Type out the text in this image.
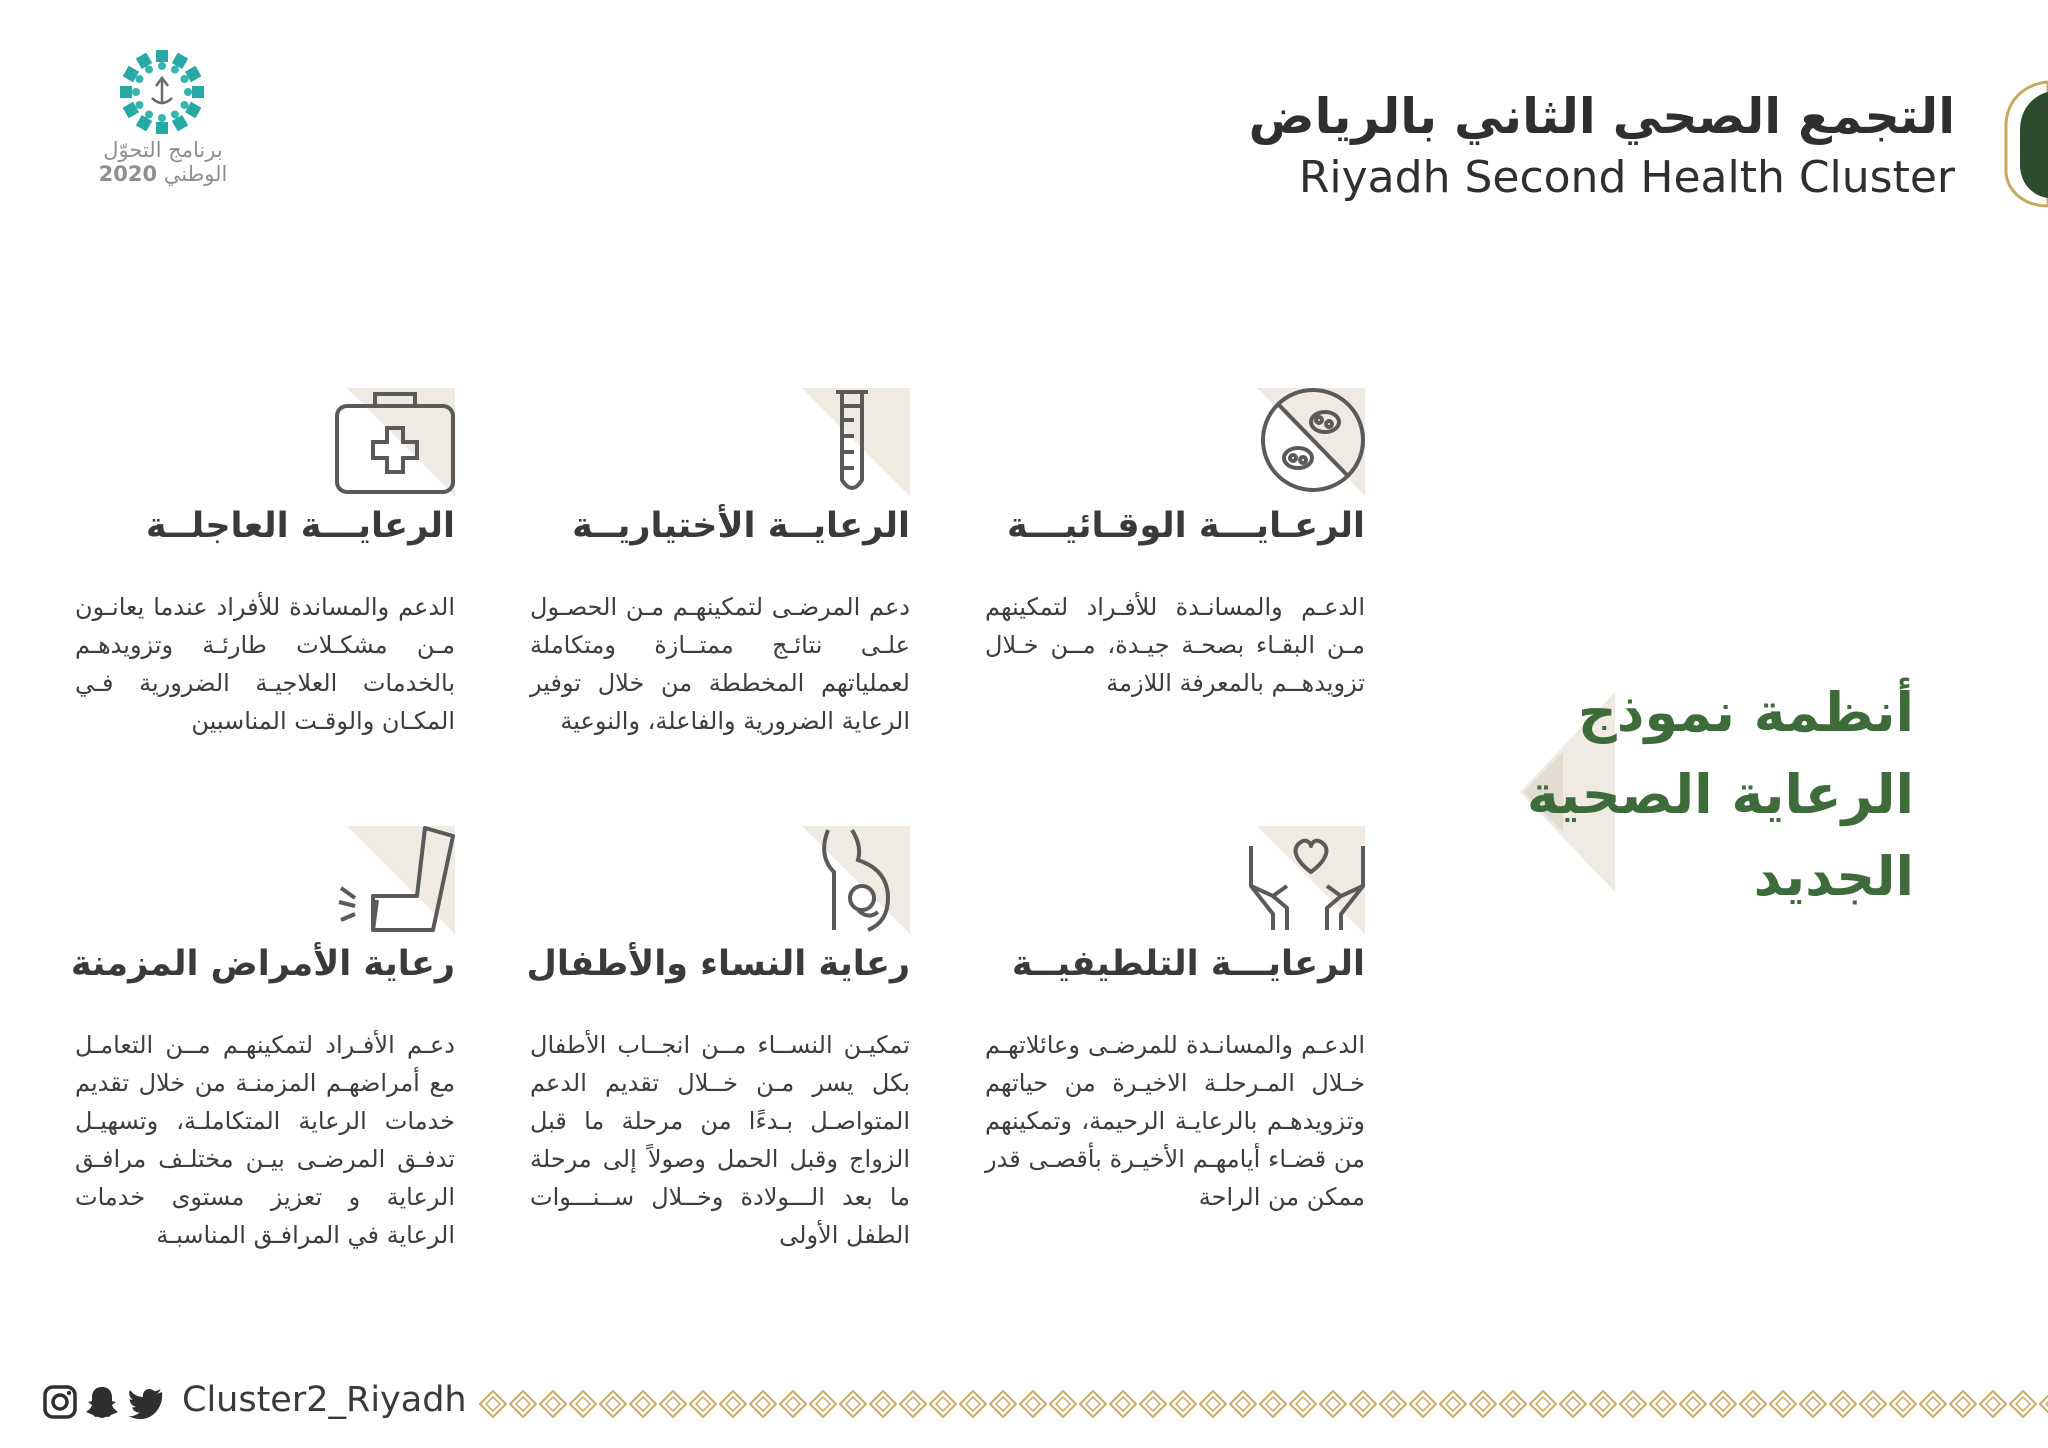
التجمع الصحي الثاني بالرياض
Riyadh Second Health Cluster
برنامج التحوّل
الوطني 2020
أنظمة نموذج
الرعاية الصحية
الجديد
الرعـايـــة الوقـائيـــة
الدعـم والمسانـدة للأفـراد لتمكينهم مـن البقـاء بصحـة جيـدة، مــن خـلال تزويدهــم بالمعرفة اللازمة
الرعايــة الأختياريــة
دعم المرضـى لتمكينهـم مـن الحصـول علـى نتائـج ممتــازة ومتكاملة لعملياتهم المخططة من خلال توفير الرعاية الضرورية والفاعلة، والنوعية
الرعايـــة العاجلــة
الدعم والمساندة للأفراد عندما يعانـون مـن مشكـلات طارئـة وتزويدهـم بالخدمات العلاجيـة الضرورية فـي المكـان والوقـت المناسبين
الرعايـــة التلطيفيــة
الدعـم والمسانـدة للمرضـى وعائلاتهـم خـلال المـرحلـة الاخيـرة من حياتهم وتزويدهـم بالرعايـة الرحيمة، وتمكينهم من قضـاء أيامهـم الأخيـرة بأقصـى قدر ممكن من الراحة
رعاية النساء والأطفال
تمكيـن النســاء مــن انجــاب الأطفال بكل يسر مـن خــلال تقديم الدعم المتواصـل بـدءًا من مرحلة ما قبل الزواج وقبل الحمل وصولاً إلى مرحلة ما بعد الـــولادة وخــلال ســنـــوات الطفل الأولى
رعاية الأمراض المزمنة
دعـم الأفـراد لتمكينهـم مــن التعامـل مع أمراضهـم المزمنـة من خلال تقديم خدمات الرعاية المتكاملـة، وتسهيـل تدفـق المرضـى بيـن مختلـف مرافـق الرعاية و تعزيز مستوى خدمات الرعاية في المرافـق المناسبـة
Cluster2_Riyadh
